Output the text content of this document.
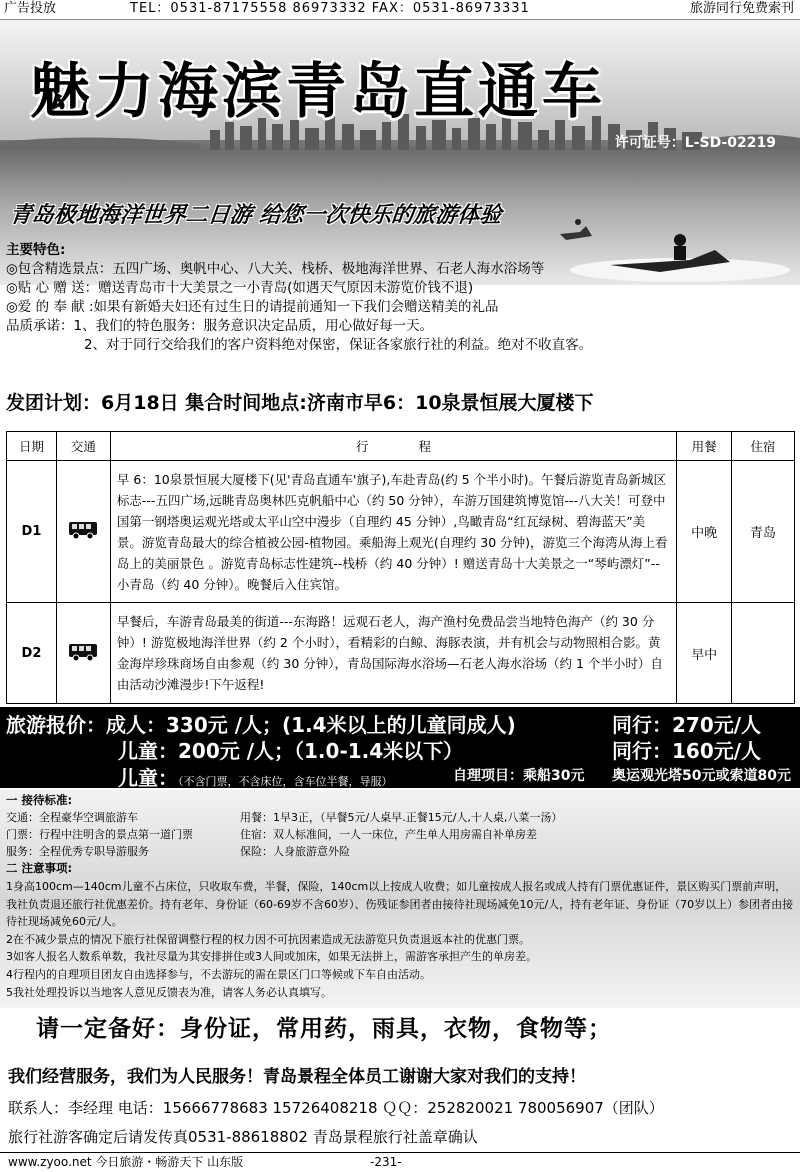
广告投放	TEL：0531-87175558 86973332 FAX：0531-86973331	旅游同行免费索刊
魅力海滨青岛直通车
许可证号：L-SD-02219
青岛极地海洋世界二日游 给您一次快乐的旅游体验
主要特色:
◎包含精选景点：五四广场、奥帆中心、八大关、栈桥、极地海洋世界、石老人海水浴场等
◎贴 心 赠 送：赠送青岛市十大美景之一小青岛(如遇天气原因未游览价钱不退)
◎爱 的 奉 献 :如果有新婚夫妇还有过生日的请提前通知一下我们会赠送精美的礼品
品质承诺：1、我们的特色服务：服务意识决定品质，用心做好每一天。
2、对于同行交给我们的客户资料绝对保密，保证各家旅行社的利益。绝对不收直客。
发团计划：6月18日 集合时间地点:济南市早6：10泉景恒展大厦楼下
日期	交通	行　　　　程	用餐	住宿
D1		早 6：10泉景恒展大厦楼下(见'青岛直通车'旗子),车赴青岛(约 5 个半小时)。午餐后游览青岛新城区标志---五四广场,远眺青岛奥林匹克帆船中心（约 50 分钟），车游万国建筑博览馆---八大关！可登中国第一钢塔奥运观光塔或太平山空中漫步（自理约 45 分钟）,鸟瞰青岛“红瓦绿树、碧海蓝天”美景。游览青岛最大的综合植被公园-植物园。乘船海上观光(自理约 30 分钟)，游览三个海湾从海上看岛上的美丽景色 。游览青岛标志性建筑--栈桥（约 40 分钟）! 赠送青岛十大美景之一“琴屿漂灯”--小青岛（约 40 分钟）。晚餐后入住宾馆。	中晚	青岛
D2		早餐后，车游青岛最美的街道---东海路！远观石老人，海产渔村免费品尝当地特色海产（约 30 分钟）! 游览极地海洋世界（约 2 个小时），看精彩的白鲸、海豚表演，并有机会与动物照相合影。黄金海岸珍珠商场自由参观（约 30 分钟），青岛国际海水浴场—石老人海水浴场（约 1 个半小时）自由活动沙滩漫步!下午返程!	早中	
旅游报价：成人：330元 /人；(1.4米以上的儿童同成人)
儿童：200元 /人；（1.0-1.4米以下）
儿童：（不含门票，不含床位，含车位半餐，导服）
同行：270元/人
同行：160元/人
自理项目：乘船30元 奥运观光塔50元或索道80元
一 接待标准:
交通：全程豪华空调旅游车
门票：行程中注明含的景点第一道门票
服务：全程优秀专职导游服务
用餐：1早3正，（早餐5元/人桌早.正餐15元/人,十人桌,八菜一汤）
住宿：双人标准间，一人一床位，产生单人用房需自补单房差
保险：人身旅游意外险
二 注意事项:
1身高100cm—140cm儿童不占床位，只收取车费，半餐，保险，140cm以上按成人收费；如儿童按成人报名或成人持有门票优惠证件，景区购买门票前声明，我社负责退还旅行社优惠差价。持有老年、身份证（60-69岁不含60岁）、伤残证参团者由接待社现场减免10元/人，持有老年证、身份证（70岁以上）参团者由接待社现场减免60元/人。
2在不减少景点的情况下旅行社保留调整行程的权力因不可抗因素造成无法游览只负责退返本社的优惠门票。
3如客人报名人数系单数，我社尽量为其安排拼住或3人间或加床，如果无法拼上，需游客承担产生的单房差。
4行程内的自理项目团友自由选择参与，不去游玩的需在景区门口等候或下车自由活动。
5我社处理投诉以当地客人意见反馈表为准，请客人务必认真填写。
请一定备好：身份证，常用药，雨具，衣物，食物等；
我们经营服务，我们为人民服务！青岛景程全体员工谢谢大家对我们的支持！
联系人：李经理 电话：15666778683 15726408218 ＱＱ：252820021 780056907（团队）
旅行社游客确定后请发传真0531-88618802 青岛景程旅行社盖章确认
www.zyoo.net 今日旅游・畅游天下 山东版	-231-
